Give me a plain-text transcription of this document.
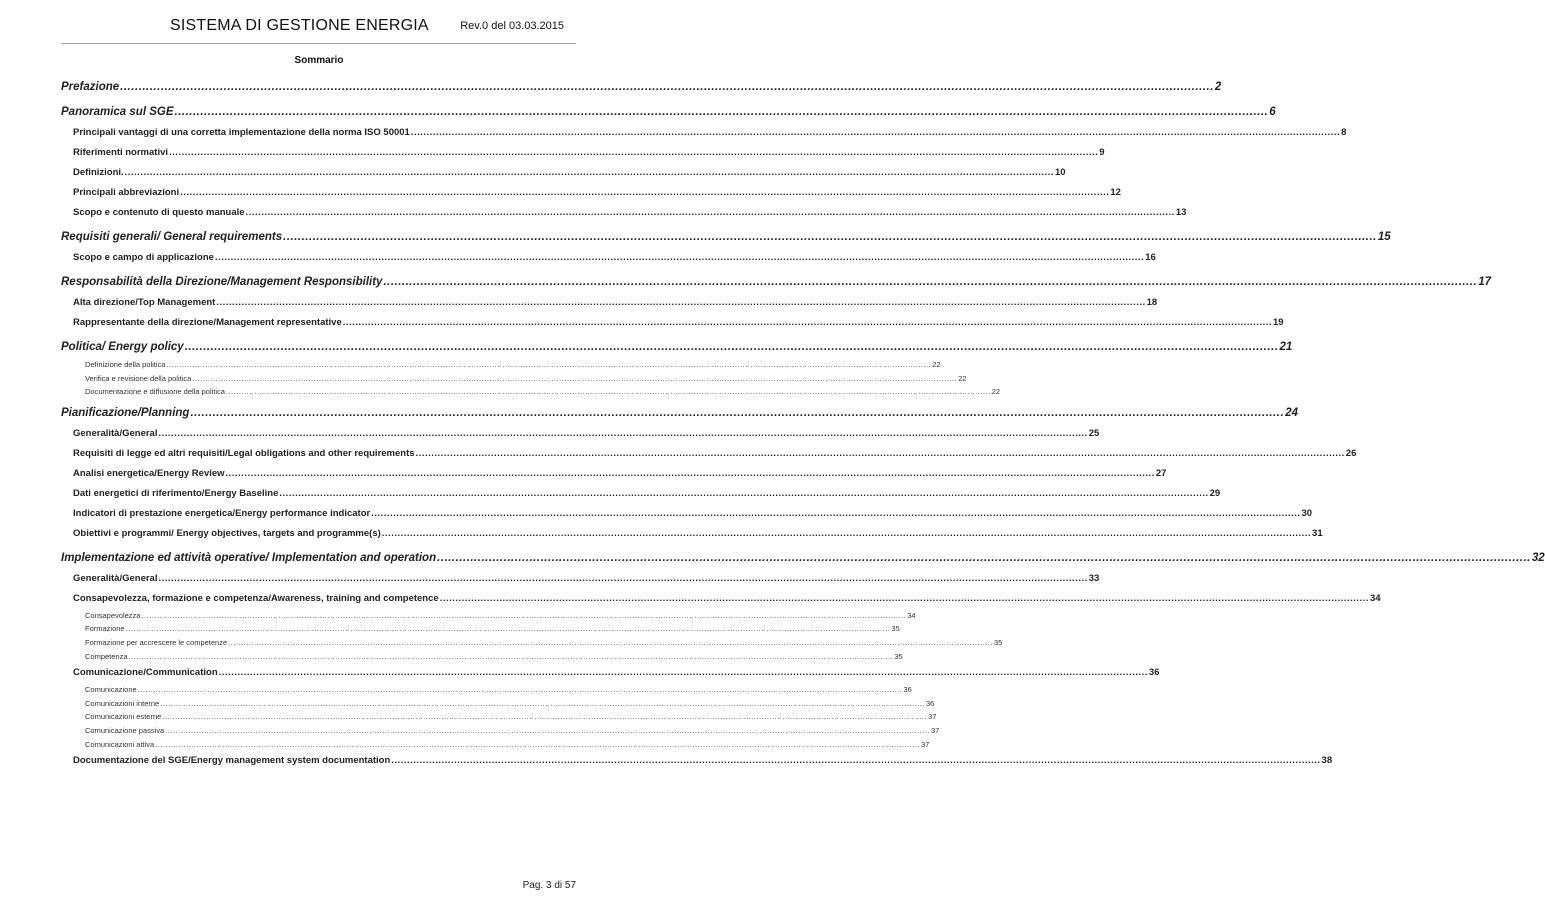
SISTEMA DI GESTIONE ENERGIA	Rev.0 del 03.03.2015
Sommario
Prefazione .....	2
Panoramica sul SGE .....	6
Principali vantaggi di una corretta implementazione della norma ISO 50001 .....	8
Riferimenti normativi .....	9
Definizioni. .....	10
Principali abbreviazioni .....	12
Scopo e contenuto di questo manuale .....	13
Requisiti generali/ General requirements .....	15
Scopo e campo di applicazione .....	16
Responsabilità della Direzione/Management Responsibility .....	17
Alta direzione/Top Management .....	18
Rappresentante della direzione/Management representative .....	19
Politica/ Energy policy .....	21
Definizione della politica .....	22
Verifica e revisione della politica .....	22
Documentazione e diffusione della politica .....	22
Pianificazione/Planning .....	24
Generalità/General .....	25
Requisiti di legge ed altri requisiti/Legal obligations and other requirements .....	26
Analisi energetica/Energy Review .....	27
Dati energetici di riferimento/Energy Baseline .....	29
Indicatori di prestazione energetica/Energy performance indicator .....	30
Obiettivi e programmi/ Energy objectives, targets and programme(s) .....	31
Implementazione ed attività operative/ Implementation and operation .....	32
Generalità/General .....	33
Consapevolezza, formazione e competenza/Awareness, training and competence .....	34
Consapevolezza .....	34
Formazione .....	35
Formazione per accrescere le competenze .....	35
Competenza .....	35
Comunicazione/Communication .....	36
Comunicazione .....	36
Comunicazioni interne .....	36
Comunicazioni esterne .....	37
Comunicazione passiva .....	37
Comunicazioni attiva .....	37
Documentazione del SGE/Energy management system documentation .....	38
Pag. 3 di 57
